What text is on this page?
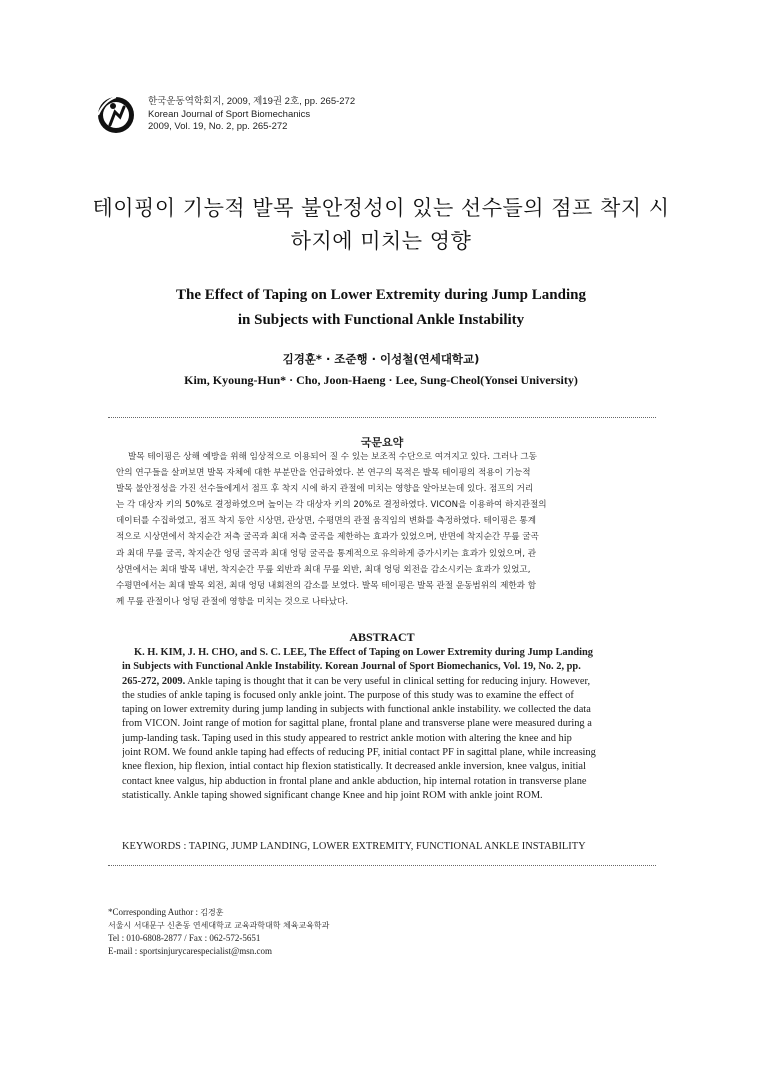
한국운동역학회지, 2009, 제19권 2호, pp. 265-272
Korean Journal of Sport Biomechanics
2009, Vol. 19, No. 2, pp. 265-272
테이핑이 기능적 발목 불안정성이 있는 선수들의 점프 착지 시
하지에 미치는 영향
The Effect of Taping on Lower Extremity during Jump Landing
in Subjects with Functional Ankle Instability
김경훈* · 조준행 · 이성철(연세대학교)
Kim, Kyoung-Hun* · Cho, Joon-Haeng · Lee, Sung-Cheol(Yonsei University)
국문요약
발목 테이핑은 상해 예방을 위해 임상적으로 이용되어 질 수 있는 보조적 수단으로 여겨지고 있다. 그러나 그동
안의 연구들을 살펴보면 발목 자체에 대한 부분만을 언급하였다. 본 연구의 목적은 발목 테이핑의 적용이 기능적
발목 불안정성을 가진 선수들에게서 점프 후 착지 시에 하지 관절에 미치는 영향을 알아보는데 있다. 점프의 거리
는 각 대상자 키의 50%로 결정하였으며 높이는 각 대상자 키의 20%로 결정하였다. VICON을 이용하여 하지관절의
데이터를 수집하였고, 점프 착지 동안 시상면, 관상면, 수평면의 관절 움직임의 변화를 측정하였다. 테이핑은 통계
적으로 시상면에서 착지순간 저측 굴곡과 최대 저측 굴곡을 제한하는 효과가 있었으며, 반면에 착지순간 무릎 굴곡
과 최대 무릎 굴곡, 착지순간 엉덩 굴곡과 최대 엉덩 굴곡을 통계적으로 유의하게 증가시키는 효과가 있었으며, 관
상면에서는 최대 발목 내번, 착지순간 무릎 외반과 최대 무릎 외반, 최대 엉덩 외전을 감소시키는 효과가 있었고,
수평면에서는 최대 발목 외전, 최대 엉덩 내회전의 감소를 보였다. 발목 테이핑은 발목 관절 운동범위의 제한과 함
께 무릎 관절이나 엉덩 관절에 영향을 미치는 것으로 나타났다.
ABSTRACT
K. H. KIM, J. H. CHO, and S. C. LEE, The Effect of Taping on Lower Extremity during Jump Landing
in Subjects with Functional Ankle Instability. Korean Journal of Sport Biomechanics, Vol. 19, No. 2, pp.
265-272, 2009. Ankle taping is thought that it can be very useful in clinical setting for reducing injury. However,
the studies of ankle taping is focused only ankle joint. The purpose of this study was to examine the effect of
taping on lower extremity during jump landing in subjects with functional ankle instability. we collected the data
from VICON. Joint range of motion for sagittal plane, frontal plane and transverse plane were measured during a
jump-landing task. Taping used in this study appeared to restrict ankle motion with altering the knee and hip
joint ROM. We found ankle taping had effects of reducing PF, initial contact PF in sagittal plane, while increasing
knee flexion, hip flexion, intial contact hip flexion statistically. It decreased ankle inversion, knee valgus, initial
contact knee valgus, hip abduction in frontal plane and ankle abduction, hip internal rotation in transverse plane
statistically. Ankle taping showed significant change Knee and hip joint ROM with ankle joint ROM.
KEYWORDS : TAPING, JUMP LANDING, LOWER EXTREMITY, FUNCTIONAL ANKLE INSTABILITY
*Corresponding Author : 김경훈
서울시 서대문구 신촌동 연세대학교 교육과학대학 체육교육학과
Tel : 010-6808-2877 / Fax : 062-572-5651
E-mail : sportsinjurycarespecialist@msn.com
